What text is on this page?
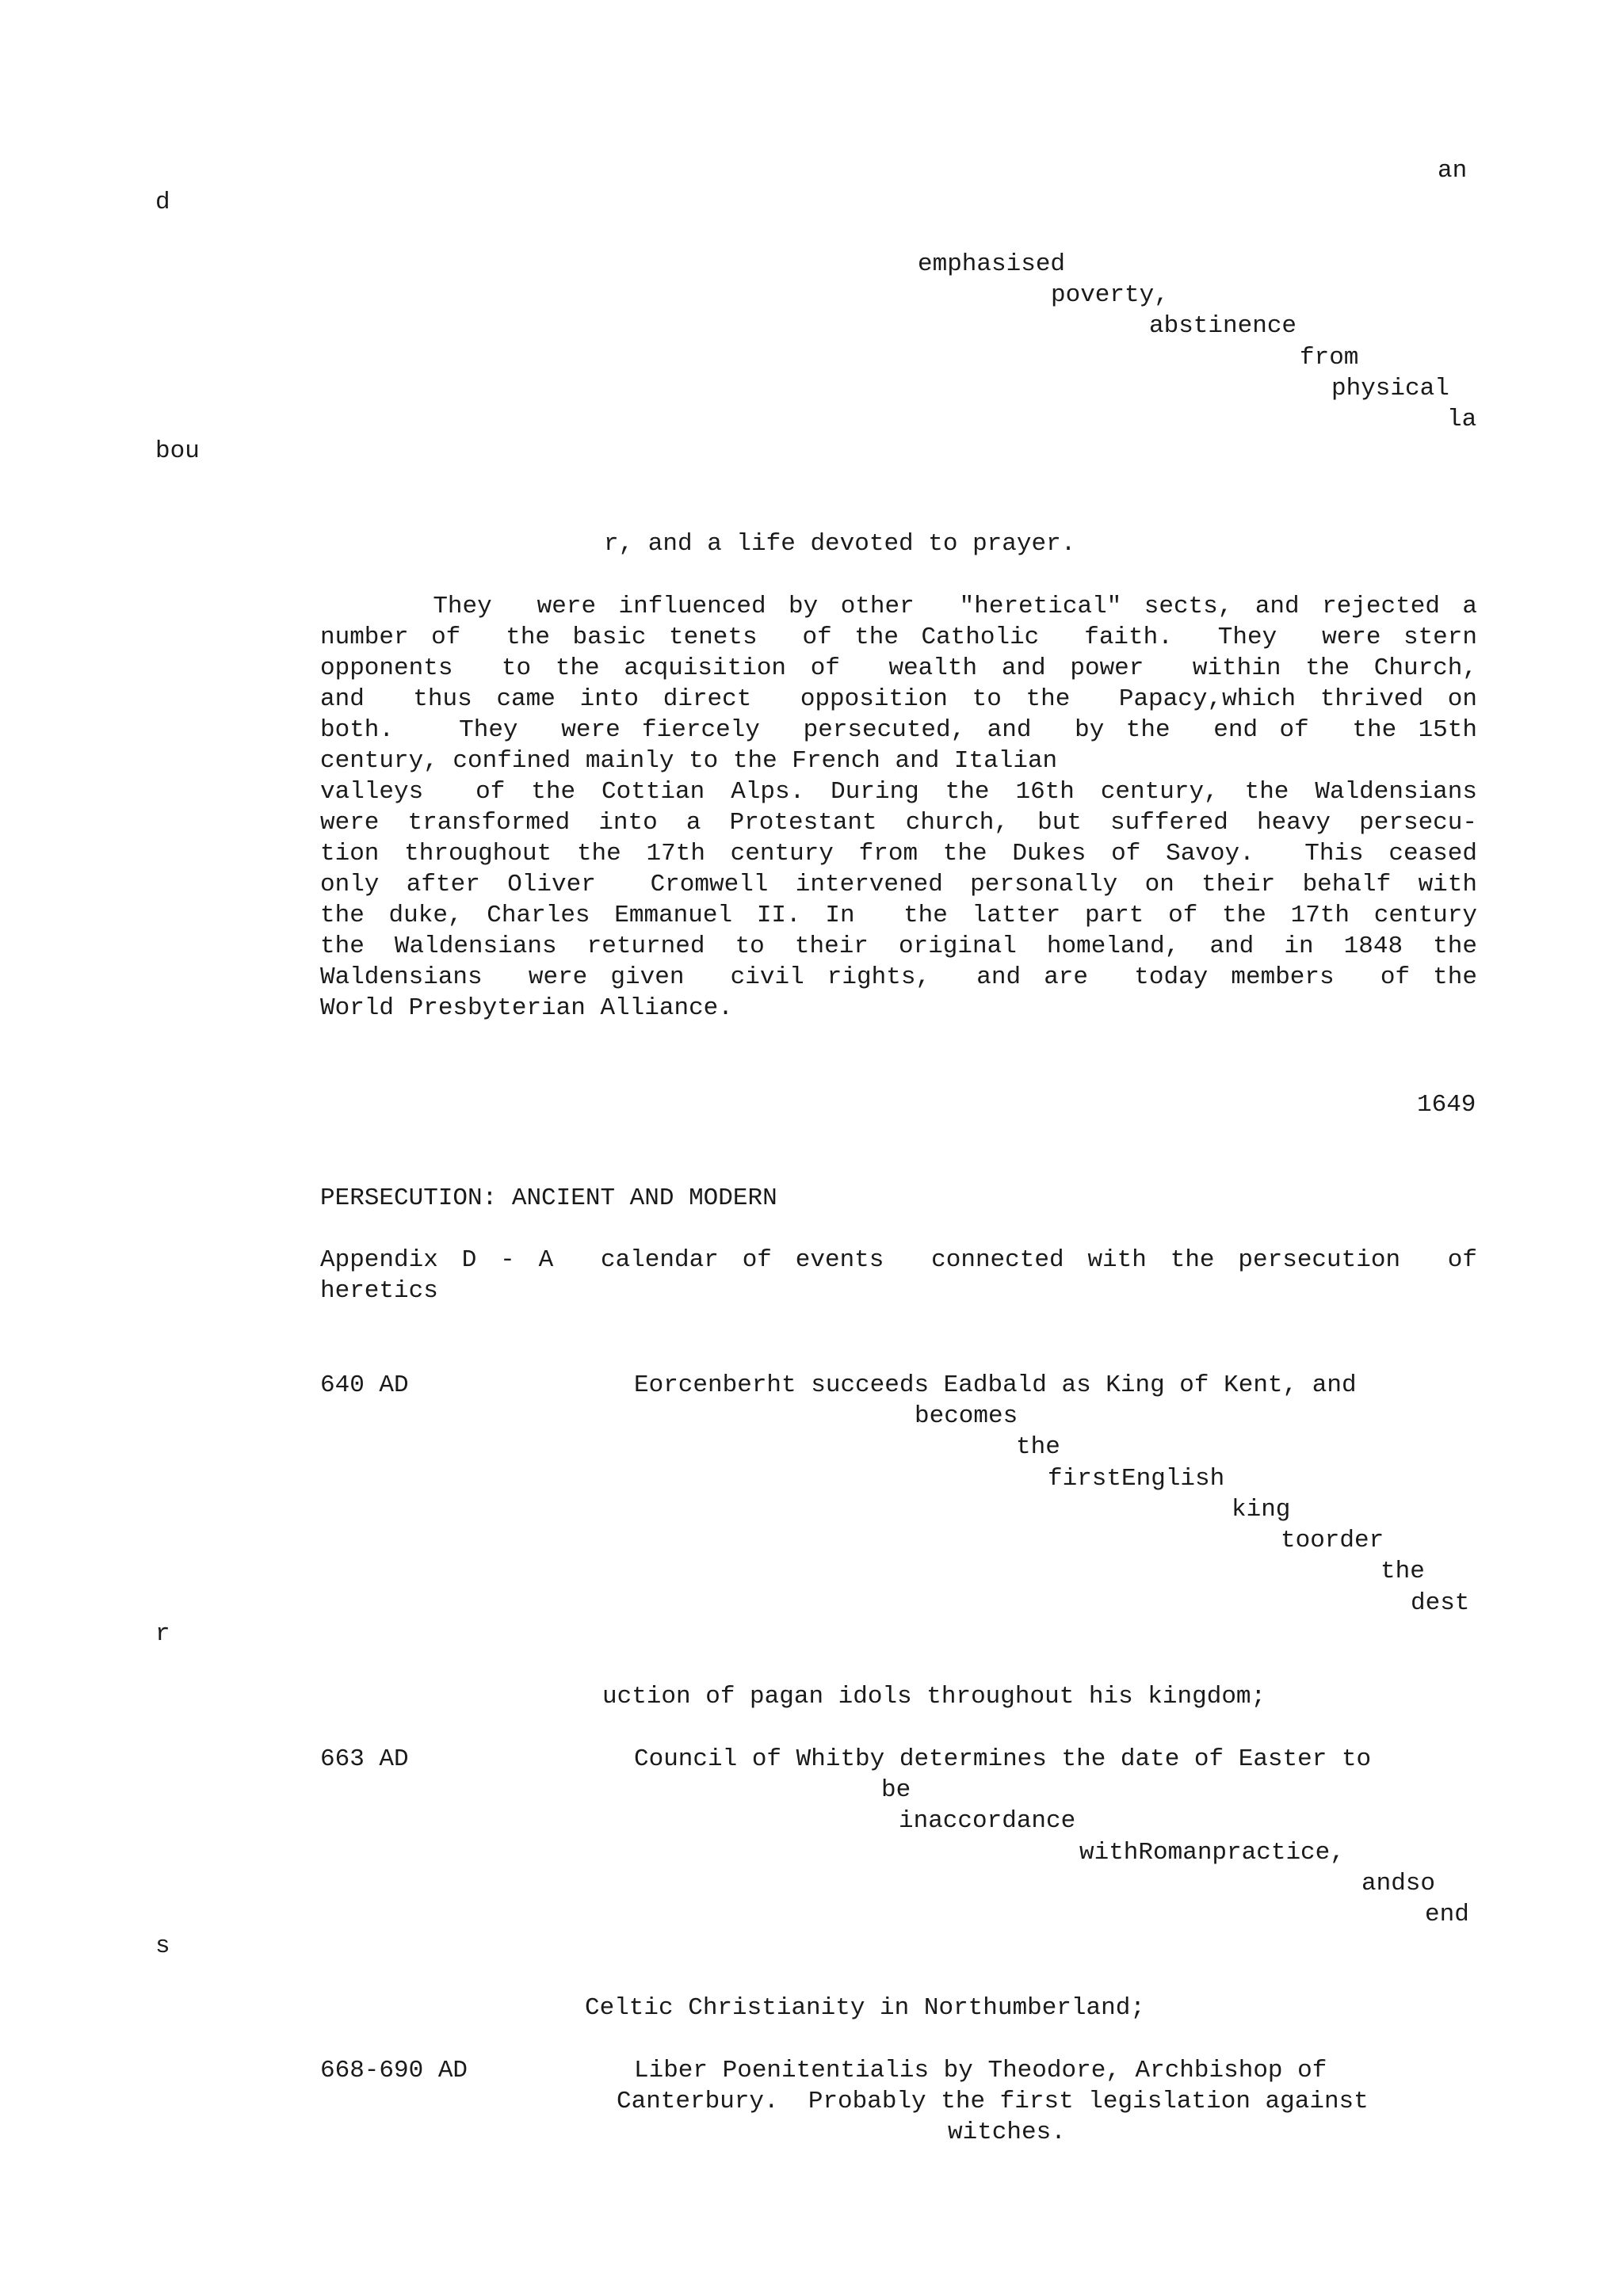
an
d
emphasised
poverty,
abstinence
from
physical
la
bou
r, and a life devoted to prayer.
They  were influenced by other  "heretical" sects, and rejected a
number of  the basic tenets  of the Catholic  faith.  They  were stern
opponents  to the acquisition of  wealth and power  within the Church,
and  thus came into direct  opposition to the  Papacy,which thrived on
both.   They  were fiercely  persecuted, and  by the  end of  the 15th
century, confined mainly to the French and Italian
valleys  of the Cottian Alps. During the 16th century, the Waldensians
were transformed into a Protestant church, but suffered heavy persecu-
tion throughout the 17th century from the Dukes of Savoy.  This ceased
only after Oliver  Cromwell intervened personally on their behalf with
the duke, Charles Emmanuel II. In  the latter part of the 17th century
the Waldensians returned to their original homeland, and in 1848 the
Waldensians  were given  civil rights,  and are  today members  of the
World Presbyterian Alliance.
1649
PERSECUTION: ANCIENT AND MODERN
Appendix D - A  calendar of events  connected with the persecution  of
heretics
640 AD	Eorcenberht succeeds Eadbald as King of Kent, and
becomes
the
firstEnglish
king
toorder
the
dest
r
uction of pagan idols throughout his kingdom;
663 AD	Council of Whitby determines the date of Easter to
be
inaccordance
withRomanpractice,
andso
end
s
Celtic Christianity in Northumberland;
668-690 AD	Liber Poenitentialis by Theodore, Archbishop of
Canterbury.  Probably the first legislation against
witches.
